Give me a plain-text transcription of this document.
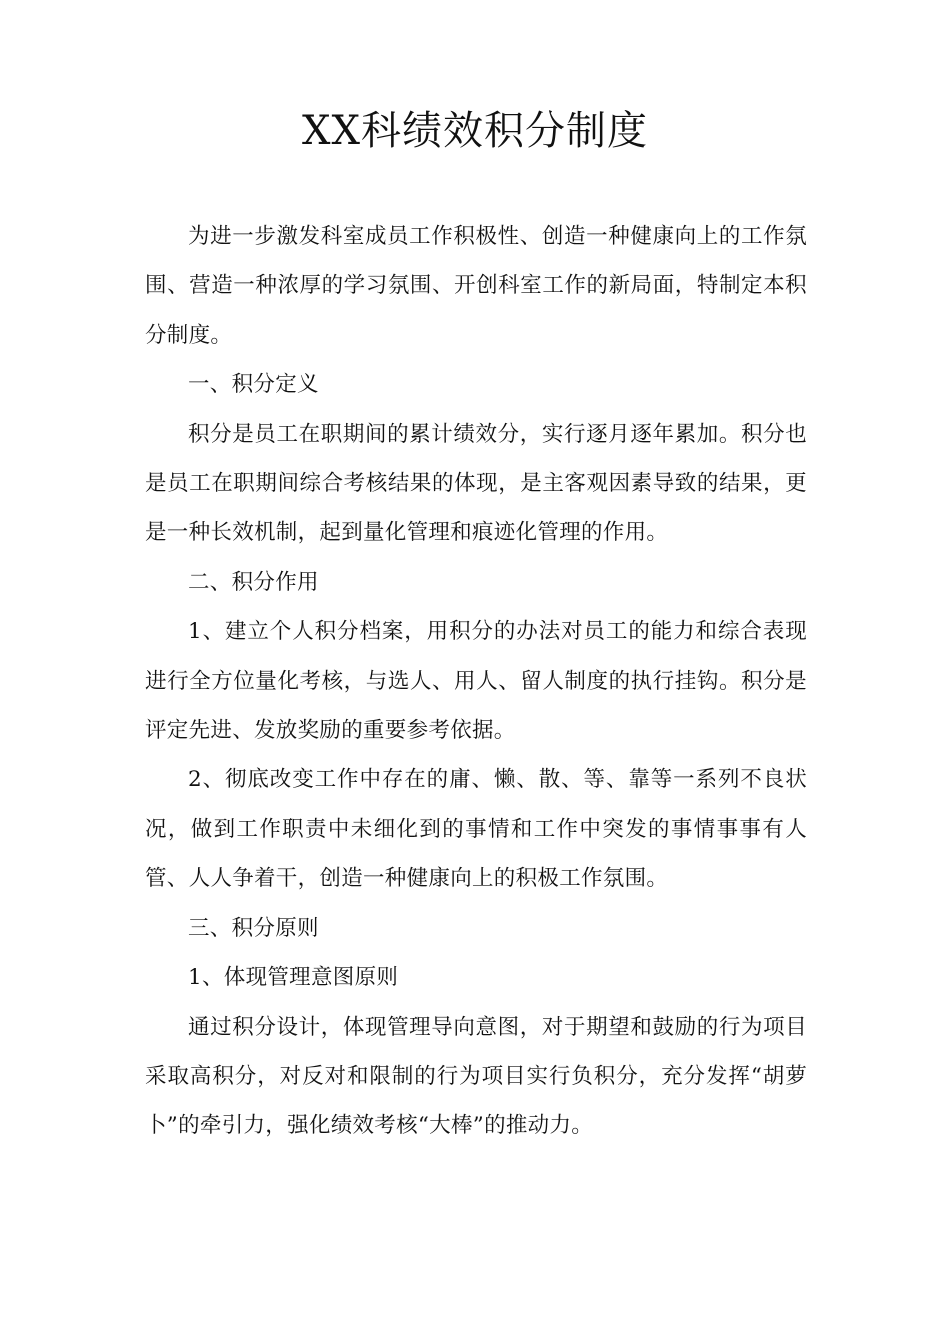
XX科绩效积分制度

为进一步激发科室成员工作积极性、创造一种健康向上的工作氛围、营造一种浓厚的学习氛围、开创科室工作的新局面，特制定本积分制度。

一、积分定义

积分是员工在职期间的累计绩效分，实行逐月逐年累加。积分也是员工在职期间综合考核结果的体现，是主客观因素导致的结果，更是一种长效机制，起到量化管理和痕迹化管理的作用。

二、积分作用

1、建立个人积分档案，用积分的办法对员工的能力和综合表现进行全方位量化考核，与选人、用人、留人制度的执行挂钩。积分是评定先进、发放奖励的重要参考依据。

2、彻底改变工作中存在的庸、懒、散、等、靠等一系列不良状况，做到工作职责中未细化到的事情和工作中突发的事情事事有人管、人人争着干，创造一种健康向上的积极工作氛围。

三、积分原则

1、体现管理意图原则

通过积分设计，体现管理导向意图，对于期望和鼓励的行为项目采取高积分，对反对和限制的行为项目实行负积分，充分发挥“胡萝卜”的牵引力，强化绩效考核“大棒”的推动力。
